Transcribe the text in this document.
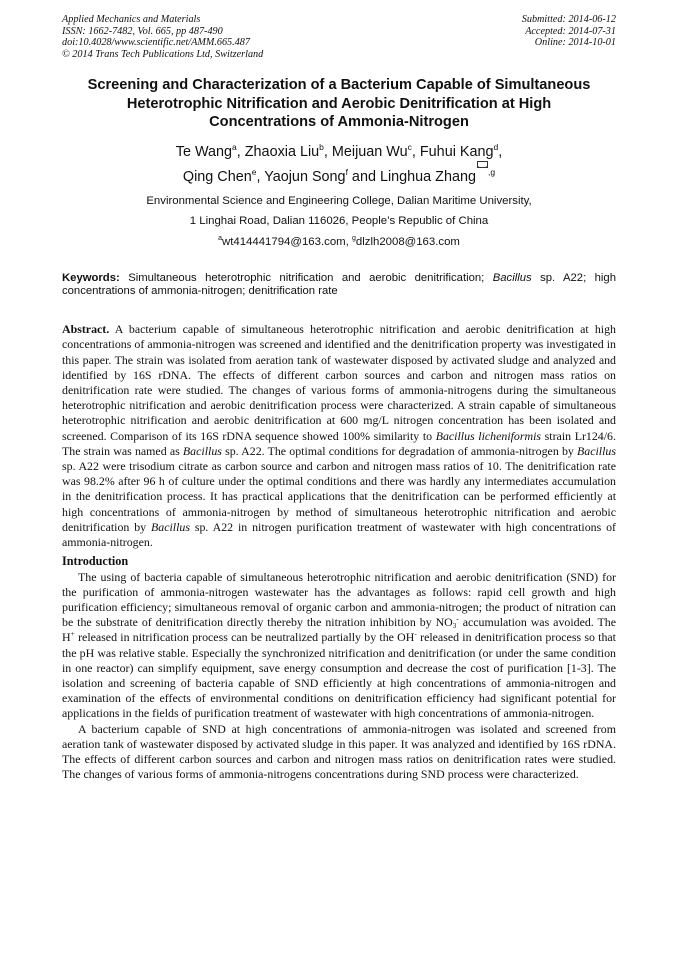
Applied Mechanics and Materials
ISSN: 1662-7482, Vol. 665, pp 487-490
doi:10.4028/www.scientific.net/AMM.665.487
© 2014 Trans Tech Publications Ltd, Switzerland
Submitted: 2014-06-12
Accepted: 2014-07-31
Online: 2014-10-01
Screening and Characterization of a Bacterium Capable of Simultaneous
Heterotrophic Nitrification and Aerobic Denitrification at High
Concentrations of Ammonia-Nitrogen
Te Wang$^a$, Zhaoxia Liu$^b$, Meijuan Wu$^c$, Fuhui Kang$^d$,
Qing Chen$^e$, Yaojun Song$^f$ and Linghua Zhang $^{,g}$
Environmental Science and Engineering College, Dalian Maritime University,
1 Linghai Road, Dalian 116026, People’s Republic of China
$^a$wt414441794@163.com, $^g$dlzlh2008@163.com
Keywords: Simultaneous heterotrophic nitrification and aerobic denitrification; Bacillus sp. A22; high concentrations of ammonia-nitrogen; denitrification rate
Abstract. A bacterium capable of simultaneous heterotrophic nitrification and aerobic denitrification at high concentrations of ammonia-nitrogen was screened and identified and the denitrification property was investigated in this paper. The strain was isolated from aeration tank of wastewater disposed by activated sludge and analyzed and identified by 16S rDNA. The effects of different carbon sources and carbon and nitrogen mass ratios on denitrification rate were studied. The changes of various forms of ammonia-nitrogens during the simultaneous heterotrophic nitrification and aerobic denitrification process were characterized. A strain capable of simultaneous heterotrophic nitrification and aerobic denitrification at 600 mg/L nitrogen concentration has been isolated and screened. Comparison of its 16S rDNA sequence showed 100% similarity to Bacillus licheniformis strain Lr124/6. The strain was named as Bacillus sp. A22. The optimal conditions for degradation of ammonia-nitrogen by Bacillus sp. A22 were trisodium citrate as carbon source and carbon and nitrogen mass ratios of 10. The denitrification rate was 98.2% after 96 h of culture under the optimal conditions and there was hardly any intermediates accumulation in the denitrification process. It has practical applications that the denitrification can be performed efficiently at high concentrations of ammonia-nitrogen by method of simultaneous heterotrophic nitrification and aerobic denitrification by Bacillus sp. A22 in nitrogen purification treatment of wastewater with high concentrations of ammonia-nitrogen.
Introduction
The using of bacteria capable of simultaneous heterotrophic nitrification and aerobic denitrification (SND) for the purification of ammonia-nitrogen wastewater has the advantages as follows: rapid cell growth and high purification efficiency; simultaneous removal of organic carbon and ammonia-nitrogen; the product of nitration can be the substrate of denitrification directly thereby the nitration inhibition by $NO_3^-$ accumulation was avoided. The H+ released in nitrification process can be neutralized partially by the OH- released in denitrification process so that the pH was relative stable. Especially the synchronized nitrification and denitrification (or under the same condition in one reactor) can simplify equipment, save energy consumption and decrease the cost of purification [1-3]. The isolation and screening of bacteria capable of SND efficiently at high concentrations of ammonia-nitrogen and examination of the effects of environmental conditions on denitrification efficiency had significant potential for applications in the fields of purification treatment of wastewater with high concentrations of ammonia-nitrogen.
A bacterium capable of SND at high concentrations of ammonia-nitrogen was isolated and screened from aeration tank of wastewater disposed by activated sludge in this paper. It was analyzed and identified by 16S rDNA. The effects of different carbon sources and carbon and nitrogen mass ratios on denitrification rates were studied. The changes of various forms of ammonia-nitrogens concentrations during SND process were characterized.
